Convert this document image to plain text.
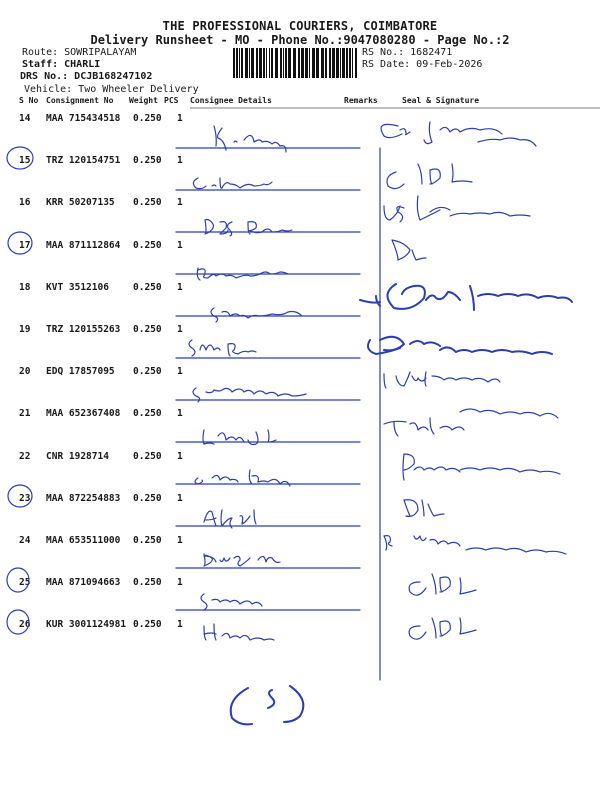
THE PROFESSIONAL COURIERS, COIMBATORE
Delivery Runsheet - MO - Phone No.:9047080280 - Page No.:2
Route: SOWRIPALAYAM
Staff: CHARLI
DRS No.: DCJB168247102
Vehicle: Two Wheeler Delivery
RS No.: 1682471
RS Date: 09-Feb-2026
S No Consignment No Weight PCS Consignee Details	Remarks	Seal & Signature
14 MAA 715434518 0.250 1
15 TRZ 120154751 0.250 1
16 KRR 50207135 0.250 1
17 MAA 871112864 0.250 1
18 KVT 3512106	0.250 1
19 TRZ 120155263 0.250 1
20 EDQ 17857095 0.250 1
21 MAA 652367408 0.250 1
22 CNR 1928714	0.250 1
23 MAA 872254883 0.250 1
24 MAA 653511000 0.250 1
25 MAA 871094663 0.250 1
26 KUR 3001124981 0.250 1
